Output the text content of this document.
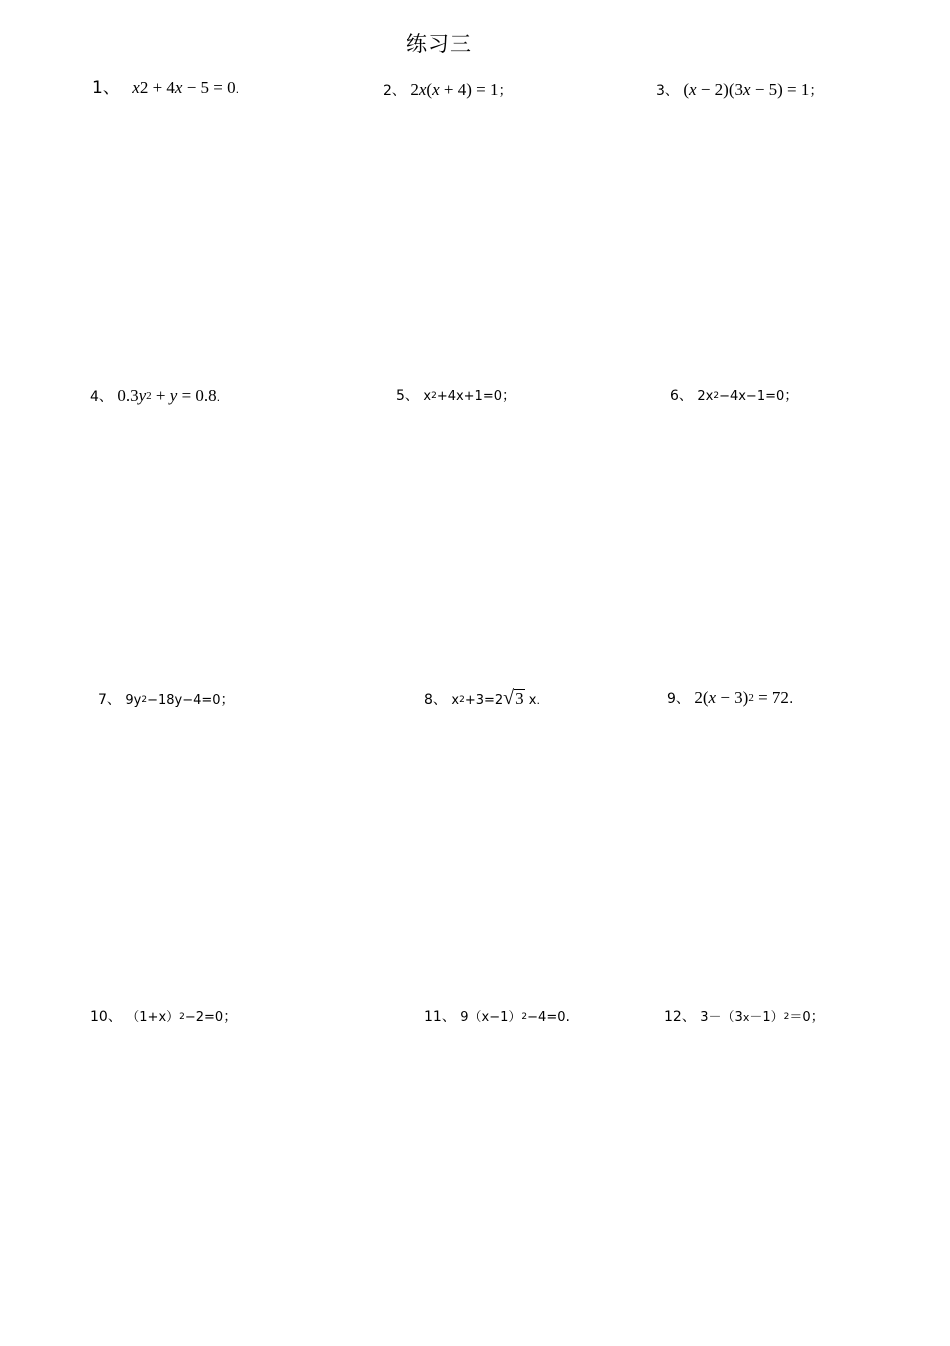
练习三
1、 x2 + 4x − 5 = 0.	2、 2x(x + 4) = 1；	3、 (x − 2)(3x − 5) = 1；
4、 0.3y2 + y = 0.8.	5、 x2+4x+1=0；	6、 2x2−4x−1=0；
7、 9y2−18y−4=0；	8、 x2+3=2√3 x.	9、 2(x − 3)2 = 72.
10、 （1+x）2−2=0；	11、 9（x−1）2−4=0.	12、 3－（3x－1）2＝0；
